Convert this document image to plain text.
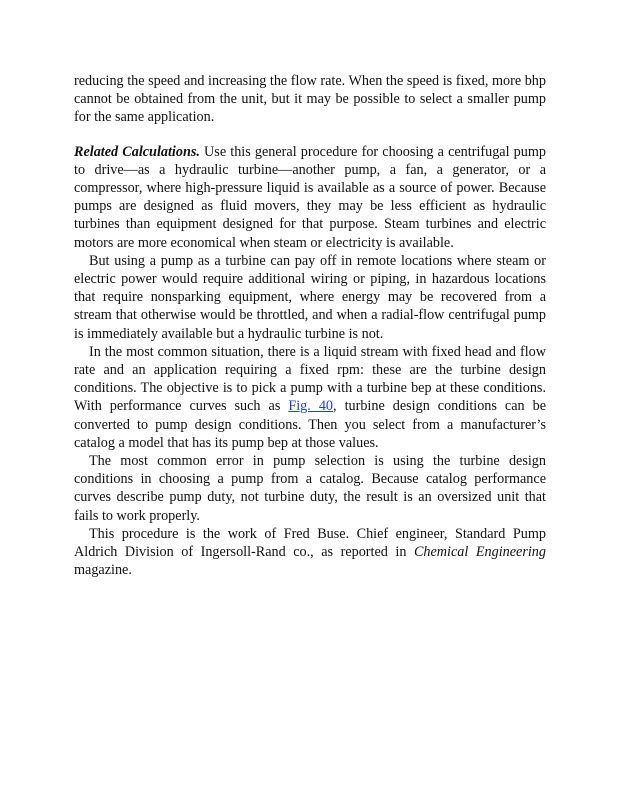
reducing the speed and increasing the flow rate. When the speed is fixed, more bhp cannot be obtained from the unit, but it may be possible to select a smaller pump for the same application.

Related Calculations. Use this general procedure for choosing a centrifugal pump to drive—as a hydraulic turbine—another pump, a fan, a generator, or a compressor, where high-pressure liquid is available as a source of power. Because pumps are designed as fluid movers, they may be less efficient as hydraulic turbines than equipment designed for that purpose. Steam turbines and electric motors are more economical when steam or electricity is available.

But using a pump as a turbine can pay off in remote locations where steam or electric power would require additional wiring or piping, in hazardous locations that require nonsparking equipment, where energy may be recovered from a stream that otherwise would be throttled, and when a radial-flow centrifugal pump is immediately available but a hydraulic turbine is not.

In the most common situation, there is a liquid stream with fixed head and flow rate and an application requiring a fixed rpm: these are the turbine design conditions. The objective is to pick a pump with a turbine bep at these conditions. With performance curves such as Fig. 40, turbine design conditions can be converted to pump design conditions. Then you select from a manufacturer’s catalog a model that has its pump bep at those values.

The most common error in pump selection is using the turbine design conditions in choosing a pump from a catalog. Because catalog performance curves describe pump duty, not turbine duty, the result is an oversized unit that fails to work properly.

This procedure is the work of Fred Buse. Chief engineer, Standard Pump Aldrich Division of Ingersoll-Rand co., as reported in Chemical Engineering magazine.
